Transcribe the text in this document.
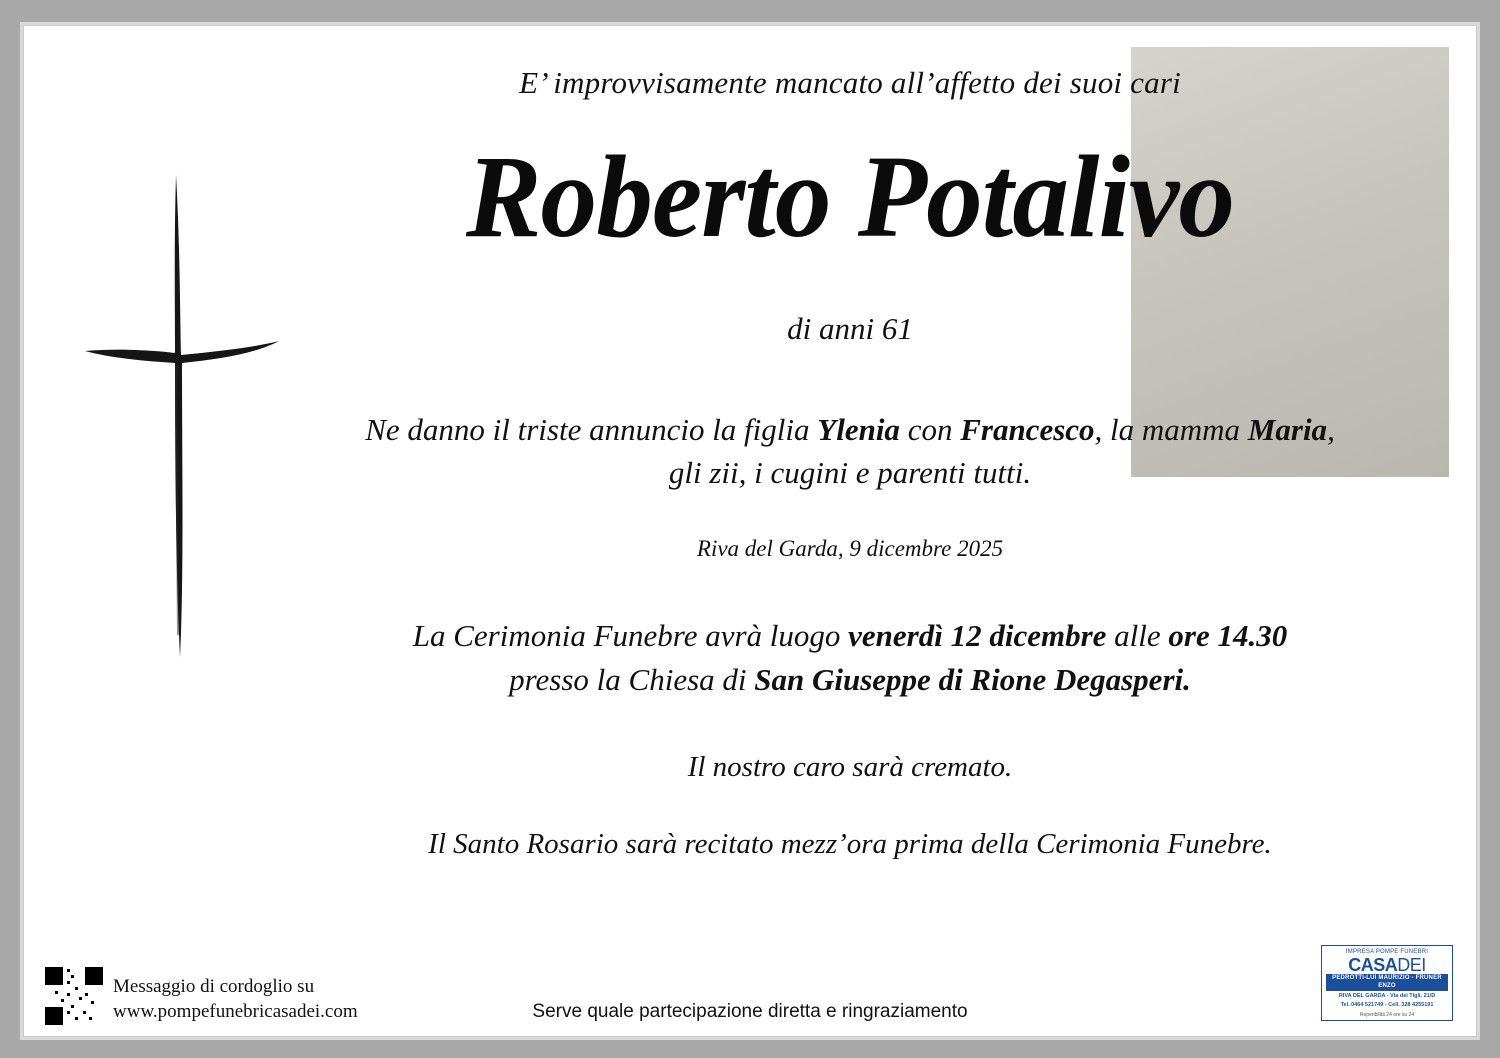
E’ improvvisamente mancato all’affetto dei suoi cari
Roberto Potalivo
di anni 61
Ne danno il triste annuncio la figlia Ylenia con Francesco, la mamma Maria,
gli zii, i cugini e parenti tutti.
Riva del Garda, 9 dicembre 2025
La Cerimonia Funebre avrà luogo venerdì 12 dicembre alle ore 14.30
presso la Chiesa di San Giuseppe di Rione Degasperi.
Il nostro caro sarà cremato.
Il Santo Rosario sarà recitato mezz’ora prima della Cerimonia Funebre.
Serve quale partecipazione diretta e ringraziamento
Messaggio di cordoglio su
www.pompefunebricasadei.com
IMPRESA POMPE FUNEBRI
CASADEI
PEDROTTI-LUI MAURIZIO - FRUNER ENZO
RIVA DEL GARDA - Via dei Tigli, 21/D
Tel. 0464 521749 - Cell. 328 4255191
Reperibilità 24 ore su 24
